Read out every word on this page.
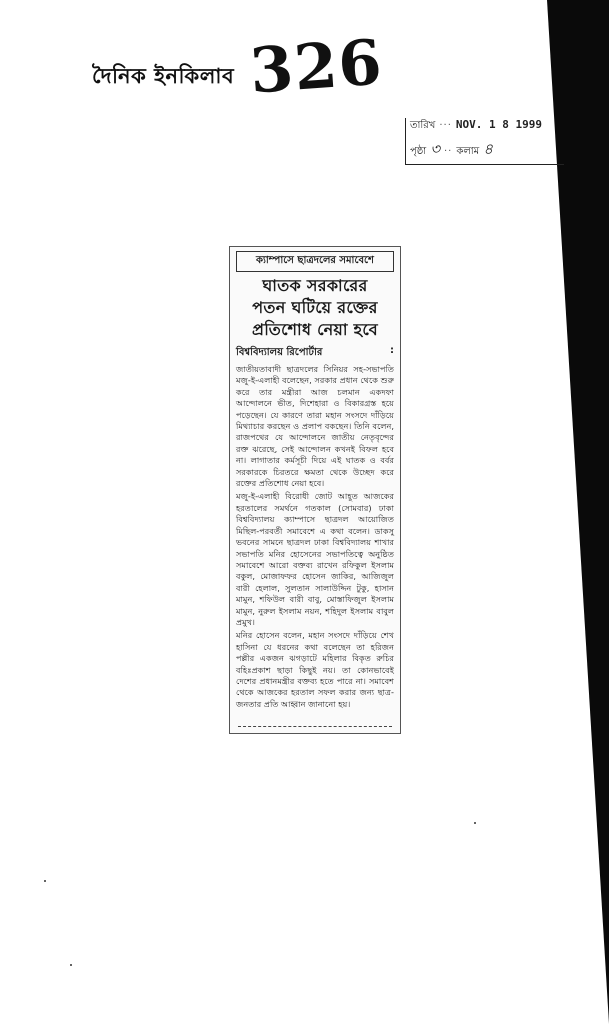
দৈনিক ইনকিলাব 326
তারিখ ··· NOV. 1 8 1999
পৃষ্ঠা ৩ ·· কলাম ৪
ক্যাম্পাসে ছাত্রদলের সমাবেশে
ঘাতক সরকারের
পতন ঘটিয়ে রক্তের
প্রতিশোধ নেয়া হবে
বিশ্ববিদ্যালয় রিপোর্টার	:

জাতীয়তাবাদী ছাত্রদলের সিনিয়র সহ-সভাপতি মজু-ই-এলাহী বলেছেন, সরকার প্রধান থেকে শুরু করে তার মন্ত্রীরা আজ চলমান একদফা আন্দোলনে ভীত, দিশেহারা ও বিকারগ্রস্ত হয়ে পড়েছেন। যে কারণে তারা মহান সংসদে দাঁড়িয়ে মিথ্যাচার করছেন ও প্রলাপ বকছেন। তিনি বলেন, রাজপথের যে আন্দোলনে জাতীয় নেতৃবৃন্দের রক্ত ঝরেছে, সেই আন্দোলন কখনই বিফল হবে না। লাগাতার কর্মসূচী দিয়ে এই ঘাতক ও বর্বর সরকারকে চিরতরে ক্ষমতা থেকে উচ্ছেদ করে রক্তের প্রতিশোধ নেয়া হবে।

মজু-ই-এলাহী বিরোধী জোট আহূত আজকের হরতালের সমর্থনে গতকাল (সোমবার) ঢাকা বিশ্ববিদ্যালয় ক্যাম্পাসে ছাত্রদল আয়োজিত মিছিল-পরবর্তী সমাবেশে এ কথা বলেন। ডাকসু ভবনের সামনে ছাত্রদল ঢাকা বিশ্ববিদ্যালয় শাখার সভাপতি মনির হোসেনের সভাপতিত্বে অনুষ্ঠিত সমাবেশে আরো বক্তব্য রাখেন রফিকুল ইসলাম বকুল, মোজাফফর হোসেন জাকির, আজিজুল বারী হেলাল, সুলতান সালাউদ্দিন টুকু, হাসান মামুন, শফিউল বারী বাবু, মোস্তাফিজুল ইসলাম মামুন, নুরুল ইসলাম নয়ন, শহিদুল ইসলাম বাবুল প্রমুখ।

মনির হোসেন বলেন, মহান সংসদে দাঁড়িয়ে শেখ হাসিনা যে ধরনের কথা বলেছেন তা হরিজন পল্লীর একজন ঝগড়াটে মহিলার বিকৃত রুচির বহিঃপ্রকাশ ছাড়া কিছুই নয়। তা কোনভাবেই দেশের প্রধানমন্ত্রীর বক্তব্য হতে পারে না। সমাবেশ থেকে আজকের হরতাল সফল করার জন্য ছাত্র-জনতার প্রতি আহ্বান জানানো হয়।
